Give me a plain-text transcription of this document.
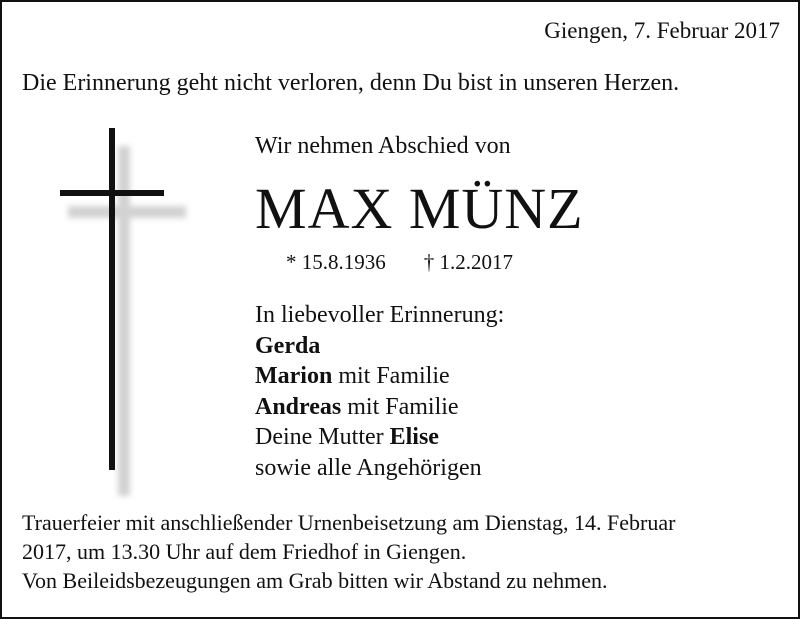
Giengen, 7. Februar 2017
Die Erinnerung geht nicht verloren, denn Du bist in unseren Herzen.
Wir nehmen Abschied von
MAX MÜNZ
* 15.8.1936 † 1.2.2017
In liebevoller Erinnerung:
Gerda
Marion mit Familie
Andreas mit Familie
Deine Mutter Elise
sowie alle Angehörigen
Trauerfeier mit anschließender Urnenbeisetzung am Dienstag, 14. Februar
2017, um 13.30 Uhr auf dem Friedhof in Giengen.
Von Beileidsbezeugungen am Grab bitten wir Abstand zu nehmen.
